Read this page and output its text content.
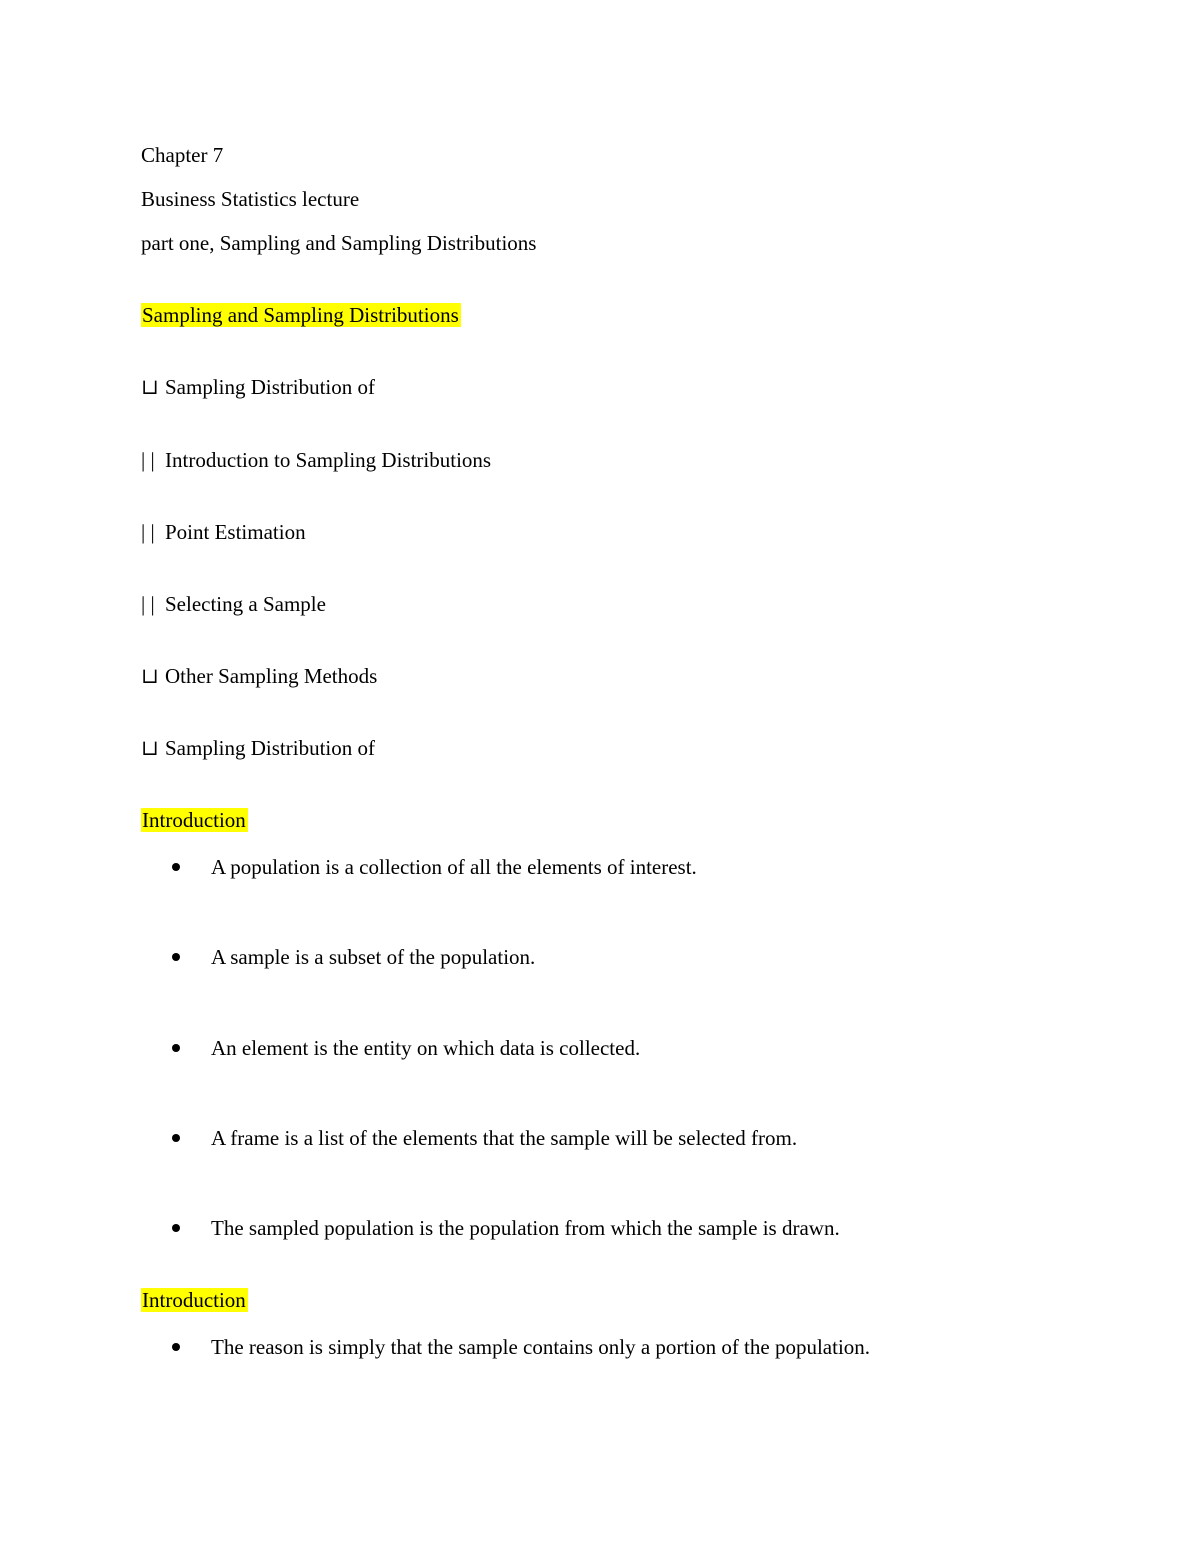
Chapter 7
Business Statistics lecture
part one, Sampling and Sampling Distributions
Sampling and Sampling Distributions
⊔ Sampling Distribution of
| | Introduction to Sampling Distributions
| | Point Estimation
| | Selecting a Sample
⊔ Other Sampling Methods
⊔ Sampling Distribution of
Introduction
A population is a collection of all the elements of interest.
A sample is a subset of the population.
An element is the entity on which data is collected.
A frame is a list of the elements that the sample will be selected from.
The sampled population is the population from which the sample is drawn.
Introduction
The reason is simply that the sample contains only a portion of the population.
